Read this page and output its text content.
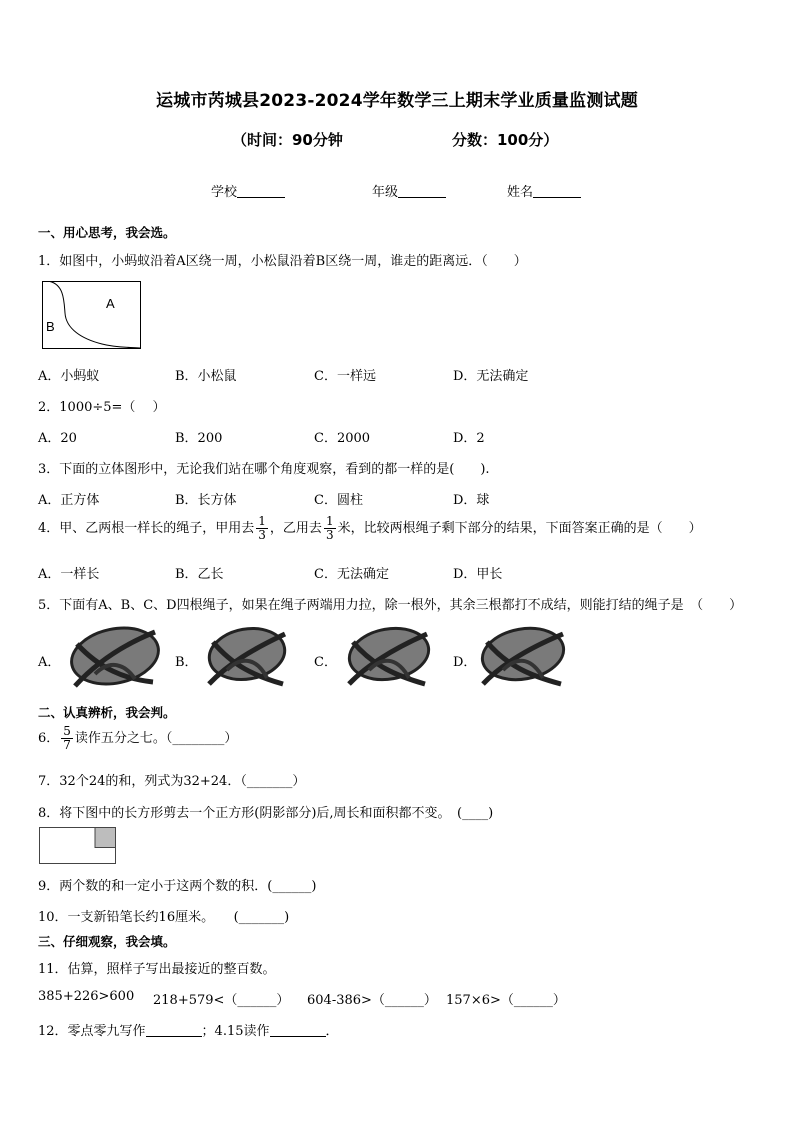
运城市芮城县2023-2024学年数学三上期末学业质量监测试题
（时间：90分钟	分数：100分）
学校	年级	姓名
一、用心思考，我会选。
1．如图中，小蚂蚁沿着A区绕一周，小松鼠沿着B区绕一周，谁走的距离远．（　　）
A
B
A．小蚂蚁	B．小松鼠	C．一样远	D．无法确定
2．1000÷5=（　 ）
A．20	B．200	C．2000	D．2
3．下面的立体图形中，无论我们站在哪个角度观察，看到的都一样的是(　　).
A．正方体	B．长方体	C．圆柱	D．球
4．甲、乙两根一样长的绳子，甲用去 $\frac{1}{3}$ ，乙用去 $\frac{1}{3}$ 米，比较两根绳子剩下部分的结果，下面答案正确的是（　　）
A．一样长	B．乙长	C．无法确定	D．甲长
5．下面有A、B、C、D四根绳子，如果在绳子两端用力拉，除一根外，其余三根都打不成结，则能打结的绳子是　（　　）
A．	B．	C．	D．
二、认真辨析，我会判。
6． $\frac{5}{7}$ 读作五分之七。（________）
7．32个24的和，列式为32+24．（_______）
8．将下图中的长方形剪去一个正方形(阴影部分)后,周长和面积都不变。　(____)
9．两个数的和一定小于这两个数的积．(______)
10．一支新铅笔长约16厘米。　　(_______)
三、仔细观察，我会填。
11．估算，照样子写出最接近的整百数。
385+226>600 218+579<（______） 604-386>（______） 157×6>（______）
12．零点零九写作	；4.15读作	．
